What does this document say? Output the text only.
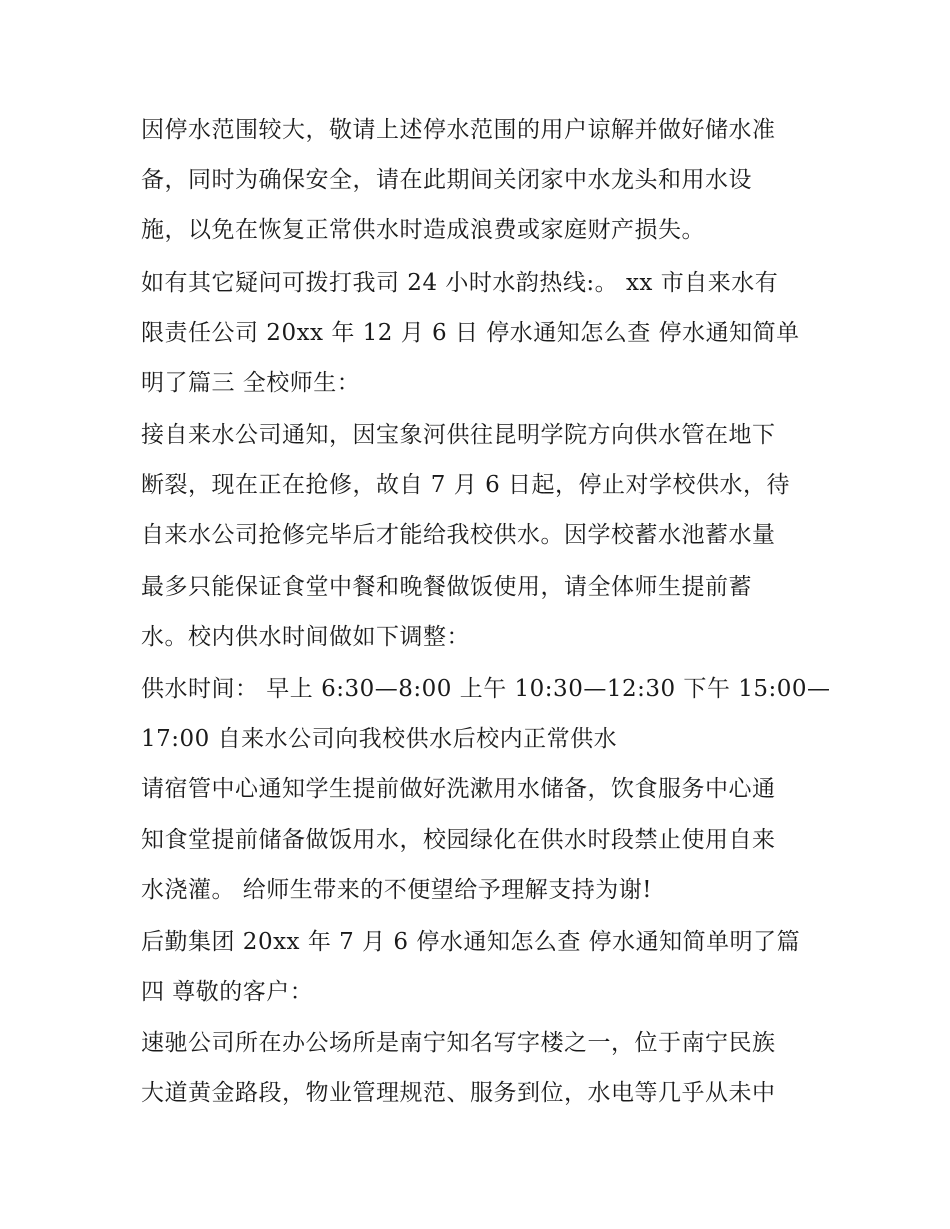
因停水范围较大，敬请上述停水范围的用户谅解并做好储水准
备，同时为确保安全，请在此期间关闭家中水龙头和用水设
施，以免在恢复正常供水时造成浪费或家庭财产损失。
如有其它疑问可拨打我司 24 小时水韵热线:。 xx 市自来水有
限责任公司 20xx 年 12 月 6 日 停水通知怎么查 停水通知简单
明了篇三 全校师生：
接自来水公司通知，因宝象河供往昆明学院方向供水管在地下
断裂，现在正在抢修，故自 7 月 6 日起，停止对学校供水，待
自来水公司抢修完毕后才能给我校供水。因学校蓄水池蓄水量
最多只能保证食堂中餐和晚餐做饭使用，请全体师生提前蓄
水。校内供水时间做如下调整：
供水时间： 早上 6:30—8:00 上午 10:30—12:30 下午 15:00—
17:00 自来水公司向我校供水后校内正常供水
请宿管中心通知学生提前做好洗漱用水储备，饮食服务中心通
知食堂提前储备做饭用水，校园绿化在供水时段禁止使用自来
水浇灌。 给师生带来的不便望给予理解支持为谢!
后勤集团 20xx 年 7 月 6 停水通知怎么查 停水通知简单明了篇
四 尊敬的客户：
速驰公司所在办公场所是南宁知名写字楼之一，位于南宁民族
大道黄金路段，物业管理规范、服务到位，水电等几乎从未中
